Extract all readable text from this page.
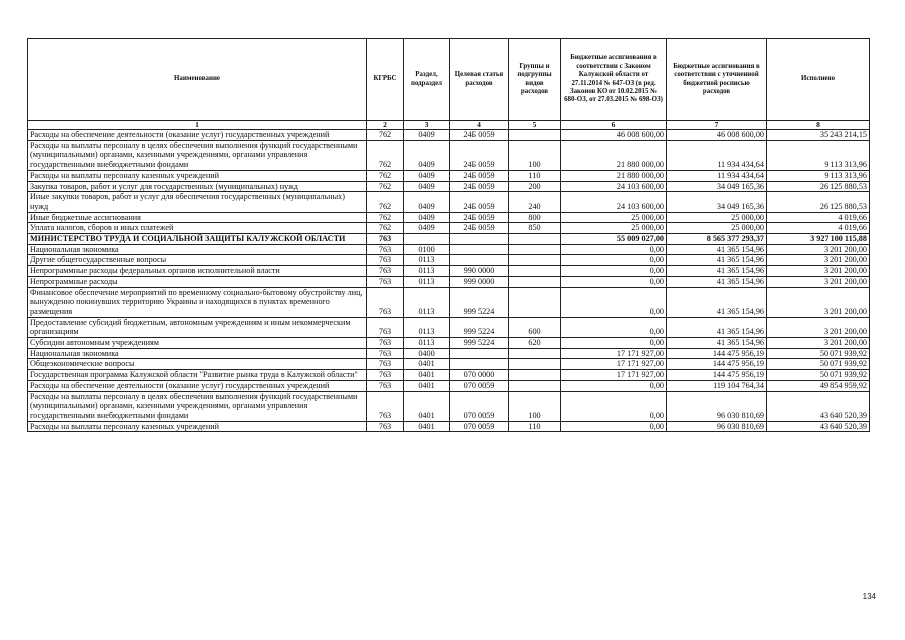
Наименование	КГРБС	Раздел, подраздел	Целевая статья расходов	Группы и подгруппы видов расходов	Бюджетные ассигнования в соответствии с Законом Калужской области от 27.11.2014 № 647-ОЗ (в ред. Законов КО от 10.02.2015 № 680-ОЗ, от 27.03.2015 № 698-ОЗ)	Бюджетные ассигнования в соответствии с уточненной бюджетной росписью расходов	Исполнено
1	2	3	4	5	6	7	8
Расходы на обеспечение деятельности (оказание услуг) государственных учреждений	762	0409	24Б 0059		46 008 600,00	46 008 600,00	35 243 214,15
Расходы на выплаты персоналу в целях обеспечения выполнения функций государственными (муниципальными) органами, казенными учреждениями, органами управления государственными внебюджетными фондами	762	0409	24Б 0059	100	21 880 000,00	11 934 434,64	9 113 313,96
Расходы на выплаты персоналу казенных учреждений	762	0409	24Б 0059	110	21 880 000,00	11 934 434,64	9 113 313,96
Закупка товаров, работ и услуг для государственных (муниципальных) нужд	762	0409	24Б 0059	200	24 103 600,00	34 049 165,36	26 125 880,53
Иные закупки товаров, работ и услуг для обеспечения государственных (муниципальных) нужд	762	0409	24Б 0059	240	24 103 600,00	34 049 165,36	26 125 880,53
Иные бюджетные ассигнования	762	0409	24Б 0059	800	25 000,00	25 000,00	4 019,66
Уплата налогов, сборов и иных платежей	762	0409	24Б 0059	850	25 000,00	25 000,00	4 019,66
МИНИСТЕРСТВО ТРУДА И СОЦИАЛЬНОЙ ЗАЩИТЫ КАЛУЖСКОЙ ОБЛАСТИ	763				55 009 027,00	8 565 377 293,37	3 927 100 115,88
Национальная экономика	763	0100			0,00	41 365 154,96	3 201 200,00
Другие общегосударственные вопросы	763	0113			0,00	41 365 154,96	3 201 200,00
Непрограммные расходы федеральных органов исполнительной власти	763	0113	990 0000		0,00	41 365 154,96	3 201 200,00
Непрограммные расходы	763	0113	999 0000		0,00	41 365 154,96	3 201 200,00
Финансовое обеспечение мероприятий по временному социально-бытовому обустройству лиц, вынужденно покинувших территорию Украины и находящихся в пунктах временного размещения	763	0113	999 5224		0,00	41 365 154,96	3 201 200,00
Предоставление субсидий бюджетным, автономным учреждениям и иным некоммерческим организациям	763	0113	999 5224	600	0,00	41 365 154,96	3 201 200,00
Субсидии автономным учреждениям	763	0113	999 5224	620	0,00	41 365 154,96	3 201 200,00
Национальная экономика	763	0400			17 171 927,00	144 475 956,19	50 071 939,92
Общеэкономические вопросы	763	0401			17 171 927,00	144 475 956,19	50 071 939,92
Государственная программа Калужской области "Развитие рынка труда в Калужской области"	763	0401	070 0000		17 171 927,00	144 475 956,19	50 071 939,92
Расходы на обеспечение деятельности (оказание услуг) государственных учреждений	763	0401	070 0059		0,00	119 104 764,34	49 854 959,92
Расходы на выплаты персоналу в целях обеспечения выполнения функций государственными (муниципальными) органами, казенными учреждениями, органами управления государственными внебюджетными фондами	763	0401	070 0059	100	0,00	96 030 810,69	43 640 520,39
Расходы на выплаты персоналу казенных учреждений	763	0401	070 0059	110	0,00	96 030 810,69	43 640 520,39
134
